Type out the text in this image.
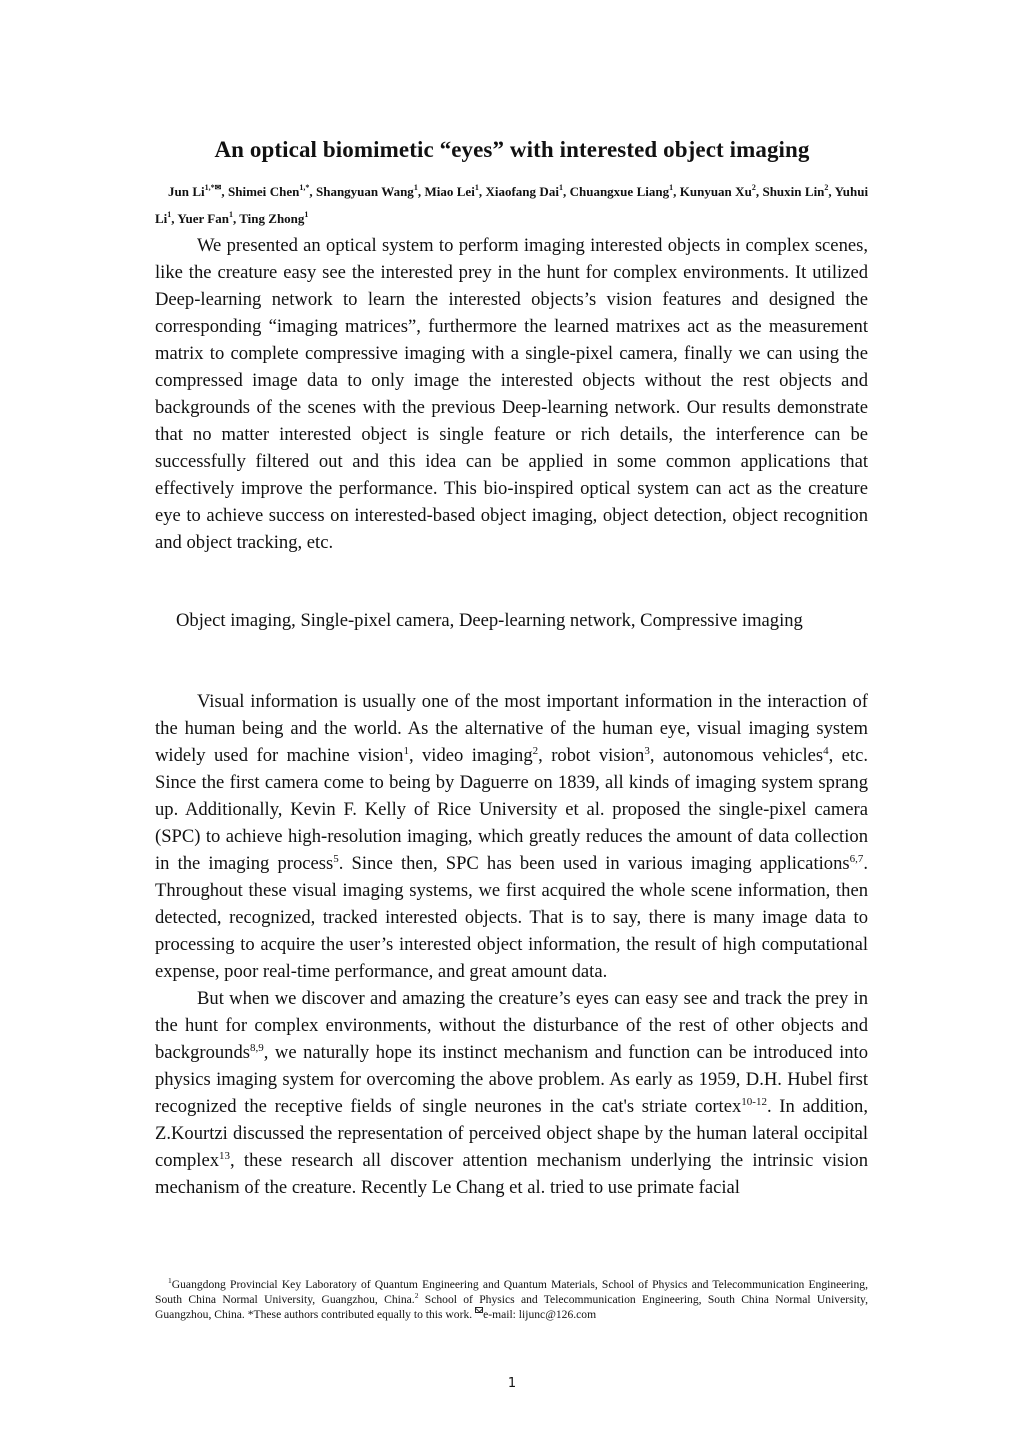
An optical biomimetic “eyes” with interested object imaging
Jun $Li^{1,*✉}$, Shimei Chen$^{1,*}$, Shangyuan Wang$^1$, Miao Lei$^1$, Xiaofang Dai$^1$, Chuangxue Liang$^1$, Kunyuan Xu$^2$, Shuxin Lin$^2$, Yuhui Li$^1$, Yuer Fan$^1$, Ting Zhong$^1$

We presented an optical system to perform imaging interested objects in complex scenes, like the creature easy see the interested prey in the hunt for complex environments. It utilized Deep-learning network to learn the interested objects’s vision features and designed the corresponding “imaging matrices”, furthermore the learned matrixes act as the measurement matrix to complete compressive imaging with a single-pixel camera, finally we can using the compressed image data to only image the interested objects without the rest objects and backgrounds of the scenes with the previous Deep-learning network. Our results demonstrate that no matter interested object is single feature or rich details, the interference can be successfully filtered out and this idea can be applied in some common applications that effectively improve the performance. This bio-inspired optical system can act as the creature eye to achieve success on interested-based object imaging, object detection, object recognition and object tracking, etc.

Object imaging, Single-pixel camera, Deep-learning network, Compressive imaging

Visual information is usually one of the most important information in the interaction of the human being and the world. As the alternative of the human eye, visual imaging system widely used for machine vision$^1$, video imaging$^2$, robot vision$^3$, autonomous vehicles$^4$, etc. Since the first camera come to being by Daguerre on 1839, all kinds of imaging system sprang up. Additionally, Kevin F. Kelly of Rice University et al. proposed the single-pixel camera (SPC) to achieve high-resolution imaging, which greatly reduces the amount of data collection in the imaging process$^5$. Since then, SPC has been used in various imaging applications$^{6,7}$. Throughout these visual imaging systems, we first acquired the whole scene information, then detected, recognized, tracked interested objects. That is to say, there is many image data to processing to acquire the user’s interested object information, the result of high computational expense, poor real-time performance, and great amount data.

But when we discover and amazing the creature’s eyes can easy see and track the prey in the hunt for complex environments, without the disturbance of the rest of other objects and backgrounds$^{8,9}$, we naturally hope its instinct mechanism and function can be introduced into physics imaging system for overcoming the above problem. As early as 1959, D.H. Hubel first recognized the receptive fields of single neurones in the cat's striate cortex$^{10-12}$. In addition, Z.Kourtzi discussed the representation of perceived object shape by the human lateral occipital complex$^{13}$, these research all discover attention mechanism underlying the intrinsic vision mechanism of the creature. Recently Le Chang et al. tried to use primate facial

$^1$Guangdong Provincial Key Laboratory of Quantum Engineering and Quantum Materials, School of Physics and Telecommunication Engineering, South China Normal University, Guangzhou, China.$^2$ School of Physics and Telecommunication Engineering, South China Normal University, Guangzhou, China. *These authors contributed equally to this work. e-mail: lijunc@126.com
1
